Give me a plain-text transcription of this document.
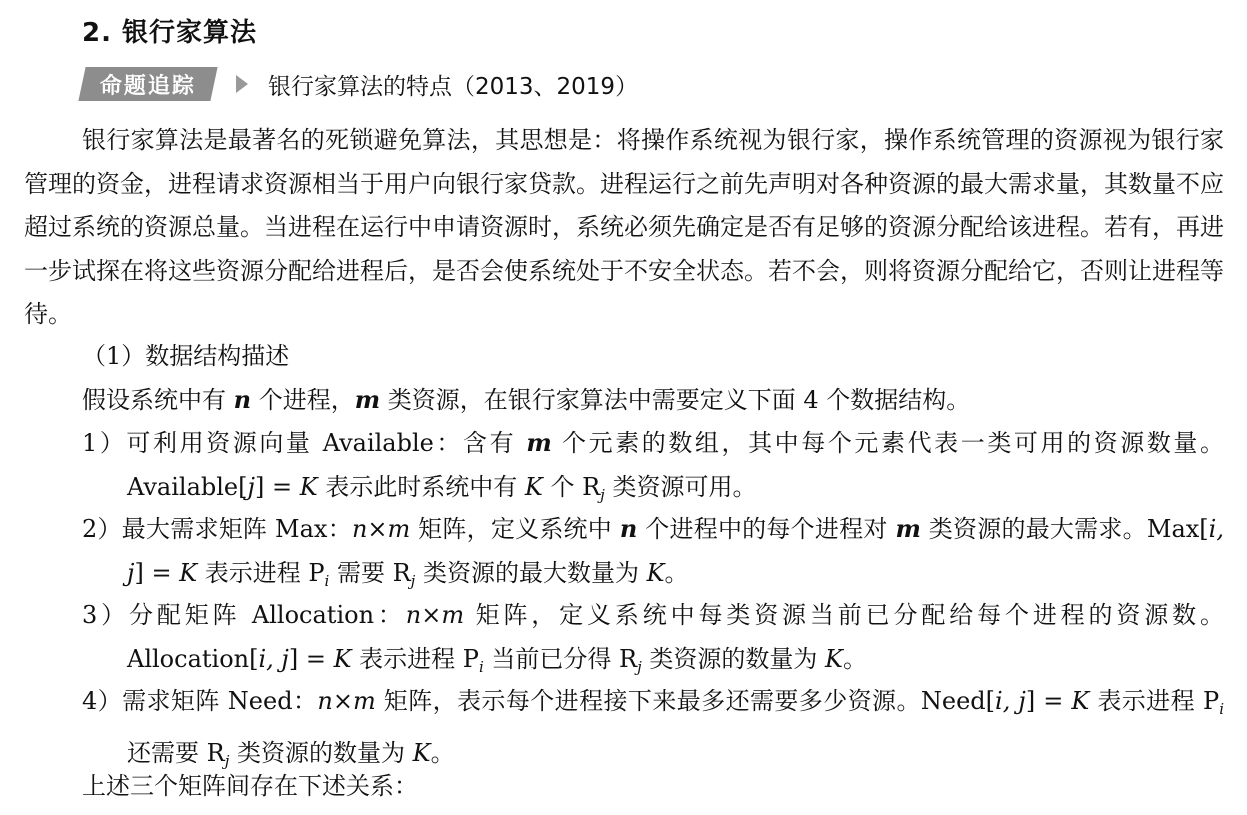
2. 银行家算法
命题追踪	银行家算法的特点（2013、2019）

银行家算法是最著名的死锁避免算法，其思想是：将操作系统视为银行家，操作系统管理的资源视为银行家管理的资金，进程请求资源相当于用户向银行家贷款。进程运行之前先声明对各种资源的最大需求量，其数量不应超过系统的资源总量。当进程在运行中申请资源时，系统必须先确定是否有足够的资源分配给该进程。若有，再进一步试探在将这些资源分配给进程后，是否会使系统处于不安全状态。若不会，则将资源分配给它，否则让进程等待。

（1）数据结构描述
假设系统中有 n 个进程，m 类资源，在银行家算法中需要定义下面 4 个数据结构。

1）可利用资源向量 Available：含有 m 个元素的数组，其中每个元素代表一类可用的资源数量。Available[j] = K 表示此时系统中有 K 个 $R_j$ 类资源可用。

2）最大需求矩阵 Max：n×m 矩阵，定义系统中 n 个进程中的每个进程对 m 类资源的最大需求。Max[i, j] = K 表示进程 $P_i$ 需要 $R_j$ 类资源的最大数量为 K。

3）分配矩阵 Allocation：n×m 矩阵，定义系统中每类资源当前已分配给每个进程的资源数。Allocation[i, j] = K 表示进程 $P_i$ 当前已分得 $R_j$ 类资源的数量为 K。

4）需求矩阵 Need：n×m 矩阵，表示每个进程接下来最多还需要多少资源。Need[i, j] = K 表示进程 $P_i$ 还需要 $R_j$ 类资源的数量为 K。

上述三个矩阵间存在下述关系：
